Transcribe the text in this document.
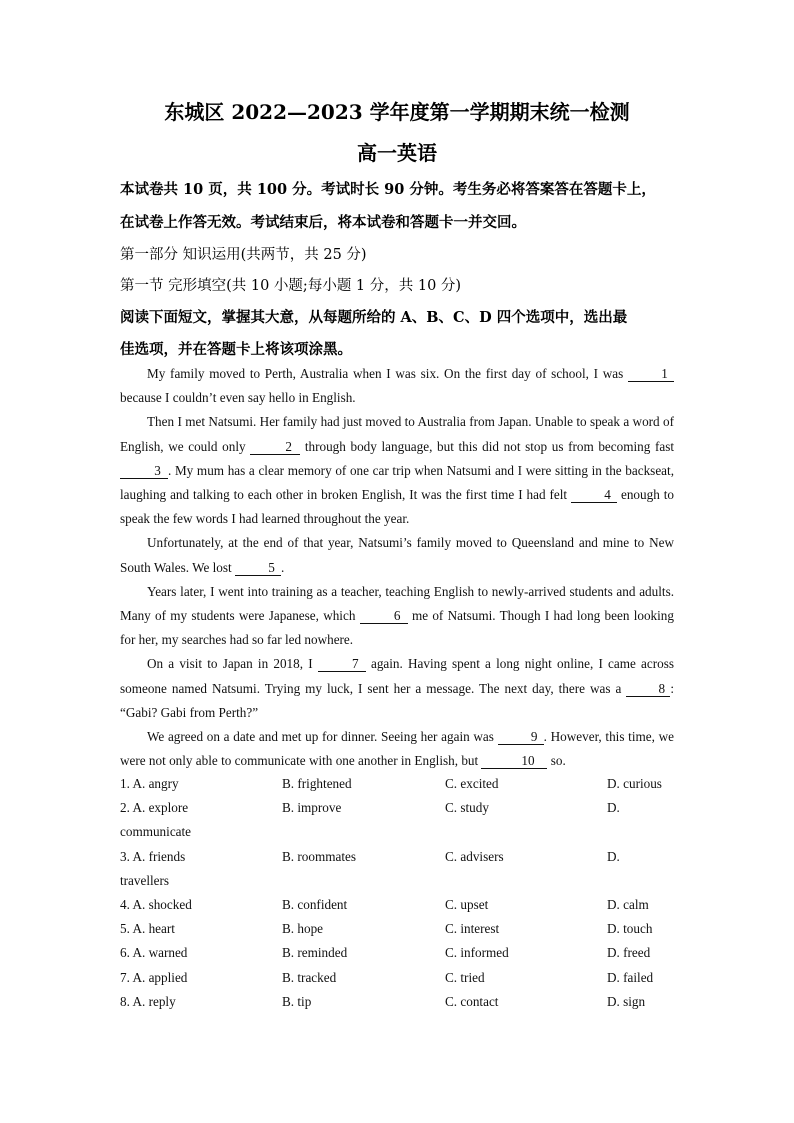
东城区 2022—2023 学年度第一学期期末统一检测
高一英语
本试卷共 10 页，共 100 分。考试时长 90 分钟。考生务必将答案答在答题卡上，
在试卷上作答无效。考试结束后，将本试卷和答题卡一并交回。
第一部分 知识运用(共两节，共 25 分)
第一节 完形填空(共 10 小题;每小题 1 分，共 10 分)
阅读下面短文，掌握其大意，从每题所给的 A、B、C、D 四个选项中，选出最
佳选项，并在答题卡上将该项涂黑。

My family moved to Perth, Australia when I was six. On the first day of school, I was	1 because I couldn’t even say hello in English.

Then I met Natsumi. Her family had just moved to Australia from Japan. Unable to speak a word of English, we could only	2 through body language, but this did not stop us from becoming fast 3 . My mum has a clear memory of one car trip when Natsumi and I were sitting in the backseat, laughing and talking to each other in broken English, It was the first time I had felt	4 enough to speak the few words I had learned throughout the year.

Unfortunately, at the end of that year, Natsumi’s family moved to Queensland and mine to New South Wales. We lost	5 .

Years later, I went into training as a teacher, teaching English to newly-arrived students and adults. Many of my students were Japanese, which	6 me of Natsumi. Though I had long been looking for her, my searches had so far led nowhere.

On a visit to Japan in 2018, I	7 again. Having spent a long night online, I came across someone named Natsumi. Trying my luck, I sent her a message. The next day, there was a 8 : “Gabi? Gabi from Perth?”

We agreed on a date and met up for dinner. Seeing her again was	9 . However, this time, we were not only able to communicate with one another in English, but	10 so.

1. A. angry	B. frightened	C. excited	D. curious
2. A. explore	B. improve	C. study	D.
communicate
3. A. friends	B. roommates	C. advisers	D.
travellers
4. A. shocked	B. confident	C. upset	D. calm
5. A. heart	B. hope	C. interest	D. touch
6. A. warned	B. reminded	C. informed	D. freed
7. A. applied	B. tracked	C. tried	D. failed
8. A. reply	B. tip	C. contact	D. sign
